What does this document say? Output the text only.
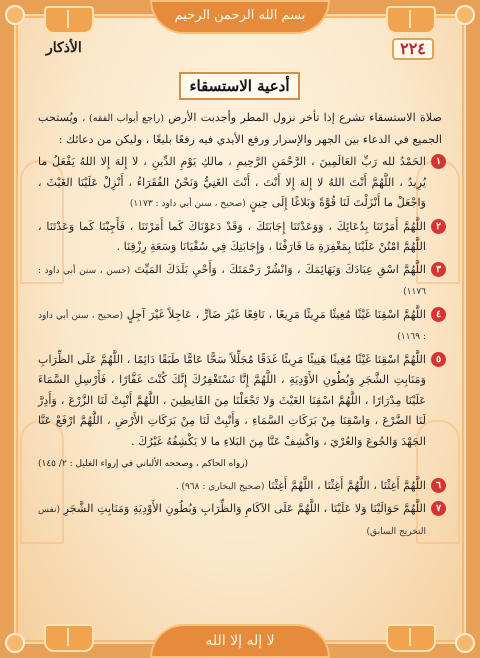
بسم الله الرحمن الرحيم
لا إله إلا الله
٢٢٤
الأذكار
أدعية الاستسقاء

صلاة الاستسقاء تشرع إذا تأخر نزول المطر وأجدبت الأرض (راجع أبواب الفقه) ، ويُستحب الجميع في الدعاء بين الجهر والإسرار ورفع الأيدي فيه رفعًا بليغًا ، وليكن من دعائك :

١
الحَمْدُ لله رَبِّ العَالَمِينَ ، الرَّحْمَنِ الرَّحِيمِ ، مالكِ يَوْمِ الدِّينِ ، لا إِلهَ إِلا اللهُ يَفْعَلُ ما يُرِيدُ ، اللَّهُمَّ أَنْتَ اللهُ لا إِلهَ إِلا أَنْتَ ، أَنْتَ الغَنِيُّ وَنَحْنُ الفُقَرَاءُ ، أَنْزِلْ عَلَيْنَا الغَيْثَ ، وَاجْعَلْ ما أَنْزَلْتَ لَنَا قُوَّةً وَبَلاغًا إِلَى حِينٍ (صحيح ، سنن أبي داود : ١١٧٣)
٢
اللَّهُمَّ أَمَرْتَنَا بِدُعَائِكَ ، وَوَعَدْتَنَا إِجَابَتَكَ ، وَقَدْ دَعَوْنَاكَ كَما أَمَرْتَنَا ، فَأَجِبْنَا كَما وَعَدْتَنَا ، اللَّهُمَّ امْنُنْ عَلَيْنَا بِمَغْفِرَةِ مَا قَارَفْنَا ، وَإِجَابَتِكَ فِي سُقْيَانَا وَسَعَةِ رِزْقِنَا .
٣
اللَّهُمَّ اسْقِ عِبَادَكَ وَبَهَائِمَكَ ، وَانْشُرْ رَحْمَتَكَ ، وَأَحْيِ بَلَدَكَ المَيِّتَ (حسن ، سنن أبي داود : ١١٧٦)
٤
اللَّهُمَّ اسْقِنَا غَيْثًا مُغِيثًا مَرِيئًا مَرِيعًا ، نَافِعًا غَيْرَ ضَارٍّ ، عَاجِلاً غَيْرَ آجِلٍ (صحيح ، سنن أبي داود : ١١٦٩)
٥
اللَّهُمَّ اسْقِنَا غَيْثًا مُغِيثًا هَنِيئًا مَرِيئًا غَدَقًا مُجَلِّلاً سَحًّا عَامًّا طَبَقًا دَائِمًا ، اللَّهُمَّ عَلَى الظِّرَابِ وَمَنَابِتِ الشَّجَرِ وَبُطُونِ الأَوْدِيَةِ ، اللَّهُمَّ إِنَّا نَسْتَغْفِرُكَ إِنَّكَ كُنْتَ غَفَّارًا ، فَأَرْسِلِ السَّمَاءَ عَلَيْنَا مِدْرَارًا ، اللَّهُمَّ اسْقِنَا الغَيْثَ وَلا تَجْعَلْنَا مِنَ القَانِطِينَ ، اللَّهُمَّ أَنْبِتْ لَنَا الزَّرْعَ ، وَأَدِرَّ لَنَا الضَّرْعَ ، وَاسْقِنَا مِنْ بَرَكَاتِ السَّمَاءِ ، وَأَنْبِتْ لَنَا مِنْ بَرَكَاتِ الأَرْضِ ، اللَّهُمَّ ارْفَعْ عَنَّا الجَهْدَ وَالجُوعَ وَالعُرْيَ ، وَاكْشِفْ عَنَّا مِنَ البَلاءِ ما لا يَكْشِفُهُ غَيْرُكَ .
(رواه الحاكم ، وصححه الألباني في إرواء الغليل : ٢/ ١٤٥)
٦
اللَّهُمَّ أَغِثْنَا ، اللَّهُمَّ أَغِثْنَا ، اللَّهُمَّ أَغِثْنَا (صحيح البخاري : ٩٦٨) .
٧
اللَّهُمَّ حَوَالَيْنَا وَلا عَلَيْنَا ، اللَّهُمَّ عَلَى الآكَامِ وَالظِّرَابِ وَبُطُونِ الأَوْدِيَةِ وَمَنَابِتِ الشَّجَرِ (نفس التخريج السابق)
